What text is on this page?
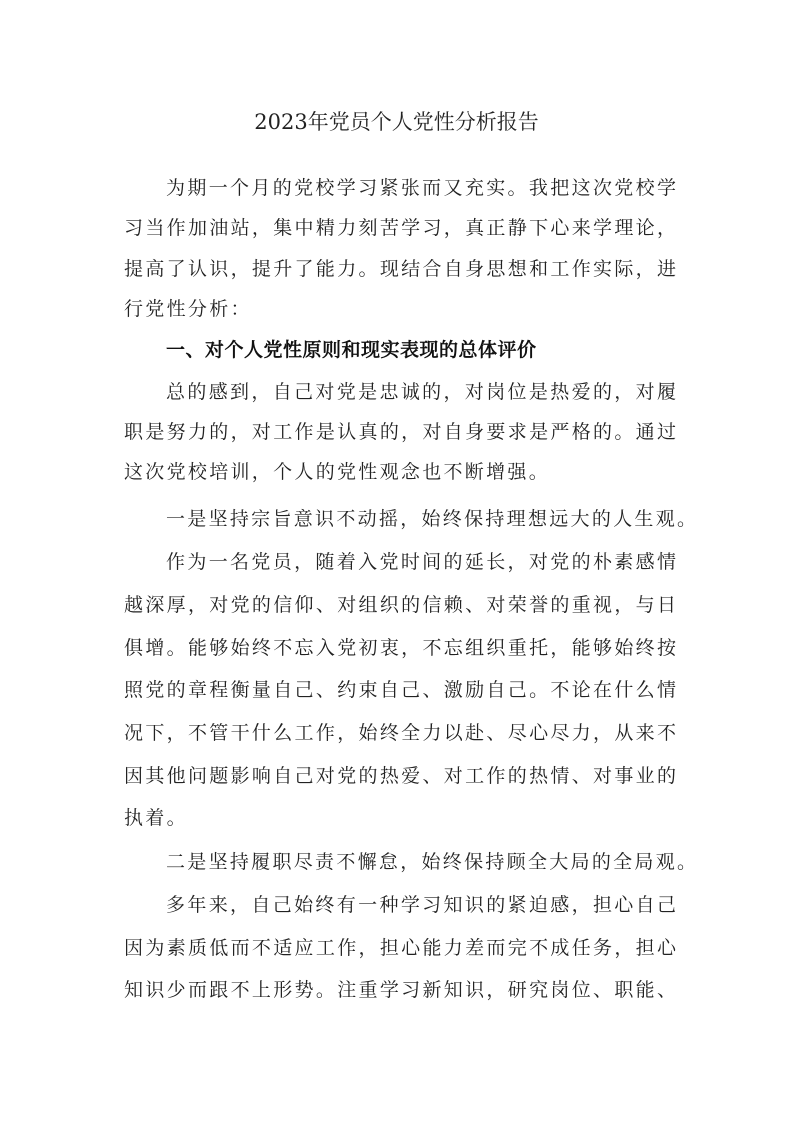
2023年党员个人党性分析报告
为期一个月的党校学习紧张而又充实。我把这次党校学
习当作加油站，集中精力刻苦学习，真正静下心来学理论，
提高了认识，提升了能力。现结合自身思想和工作实际，进
行党性分析：
一、对个人党性原则和现实表现的总体评价
总的感到，自己对党是忠诚的，对岗位是热爱的，对履
职是努力的，对工作是认真的，对自身要求是严格的。通过
这次党校培训，个人的党性观念也不断增强。
一是坚持宗旨意识不动摇，始终保持理想远大的人生观。
作为一名党员，随着入党时间的延长，对党的朴素感情
越深厚，对党的信仰、对组织的信赖、对荣誉的重视，与日
俱增。能够始终不忘入党初衷，不忘组织重托，能够始终按
照党的章程衡量自己、约束自己、激励自己。不论在什么情
况下，不管干什么工作，始终全力以赴、尽心尽力，从来不
因其他问题影响自己对党的热爱、对工作的热情、对事业的
执着。
二是坚持履职尽责不懈怠，始终保持顾全大局的全局观。
多年来，自己始终有一种学习知识的紧迫感，担心自己
因为素质低而不适应工作，担心能力差而完不成任务，担心
知识少而跟不上形势。注重学习新知识，研究岗位、职能、
